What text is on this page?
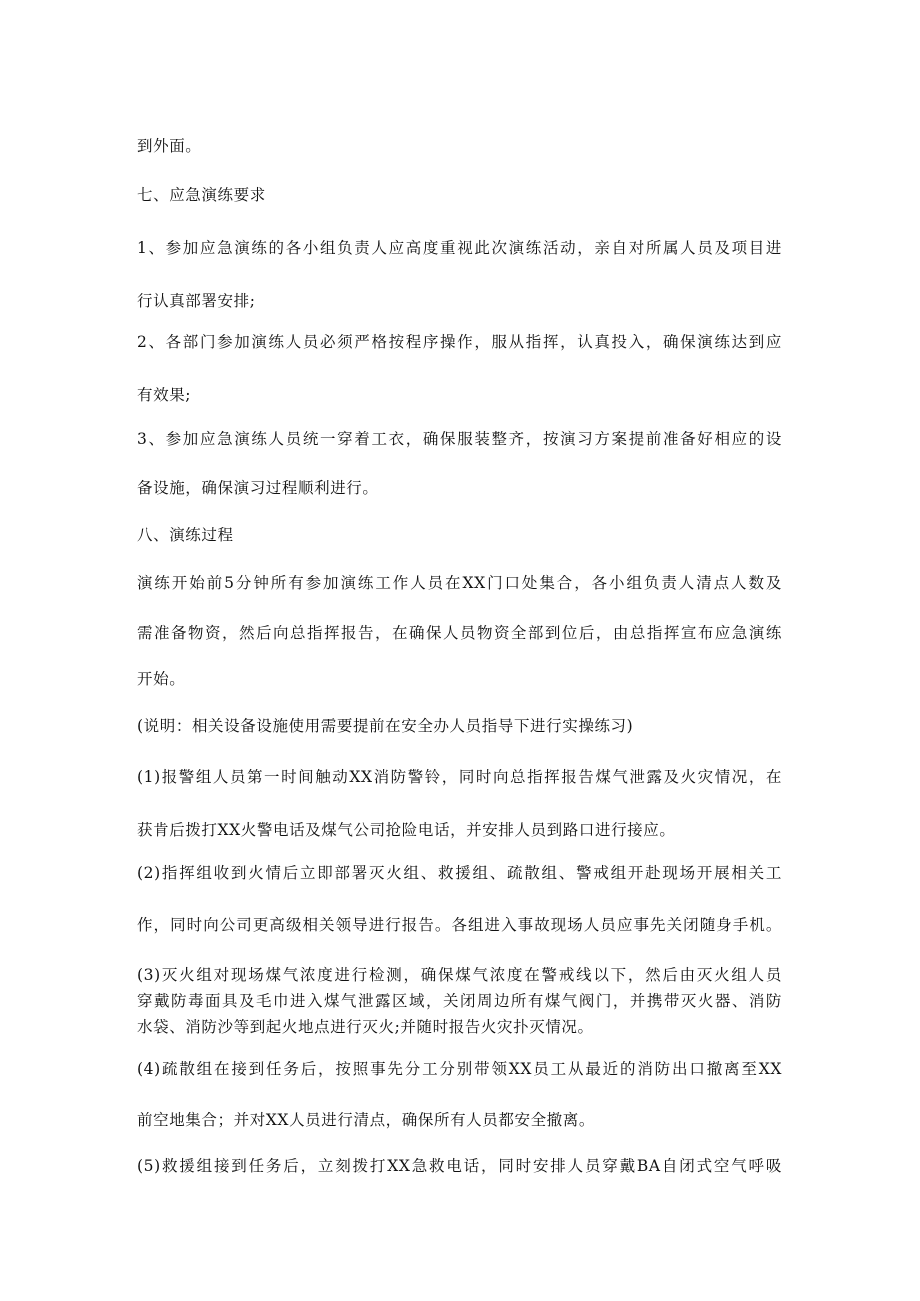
到外面。
七、应急演练要求
1、参加应急演练的各小组负责人应高度重视此次演练活动，亲自对所属人员及项目进
行认真部署安排;
2、各部门参加演练人员必须严格按程序操作，服从指挥，认真投入，确保演练达到应
有效果;
3、参加应急演练人员统一穿着工衣，确保服装整齐，按演习方案提前准备好相应的设
备设施，确保演习过程顺利进行。
八、演练过程
演练开始前5分钟所有参加演练工作人员在XX门口处集合，各小组负责人清点人数及
需准备物资，然后向总指挥报告，在确保人员物资全部到位后，由总指挥宣布应急演练
开始。
(说明：相关设备设施使用需要提前在安全办人员指导下进行实操练习)
(1)报警组人员第一时间触动XX消防警铃，同时向总指挥报告煤气泄露及火灾情况，在
获肯后拨打XX火警电话及煤气公司抢险电话，并安排人员到路口进行接应。
(2)指挥组收到火情后立即部署灭火组、救援组、疏散组、警戒组开赴现场开展相关工
作，同时向公司更高级相关领导进行报告。各组进入事故现场人员应事先关闭随身手机。
(3)灭火组对现场煤气浓度进行检测，确保煤气浓度在警戒线以下，然后由灭火组人员
穿戴防毒面具及毛巾进入煤气泄露区域，关闭周边所有煤气阀门，并携带灭火器、消防
水袋、消防沙等到起火地点进行灭火;并随时报告火灾扑灭情况。
(4)疏散组在接到任务后，按照事先分工分别带领XX员工从最近的消防出口撤离至XX
前空地集合；并对XX人员进行清点，确保所有人员都安全撤离。
(5)救援组接到任务后，立刻拨打XX急救电话，同时安排人员穿戴BA自闭式空气呼吸
